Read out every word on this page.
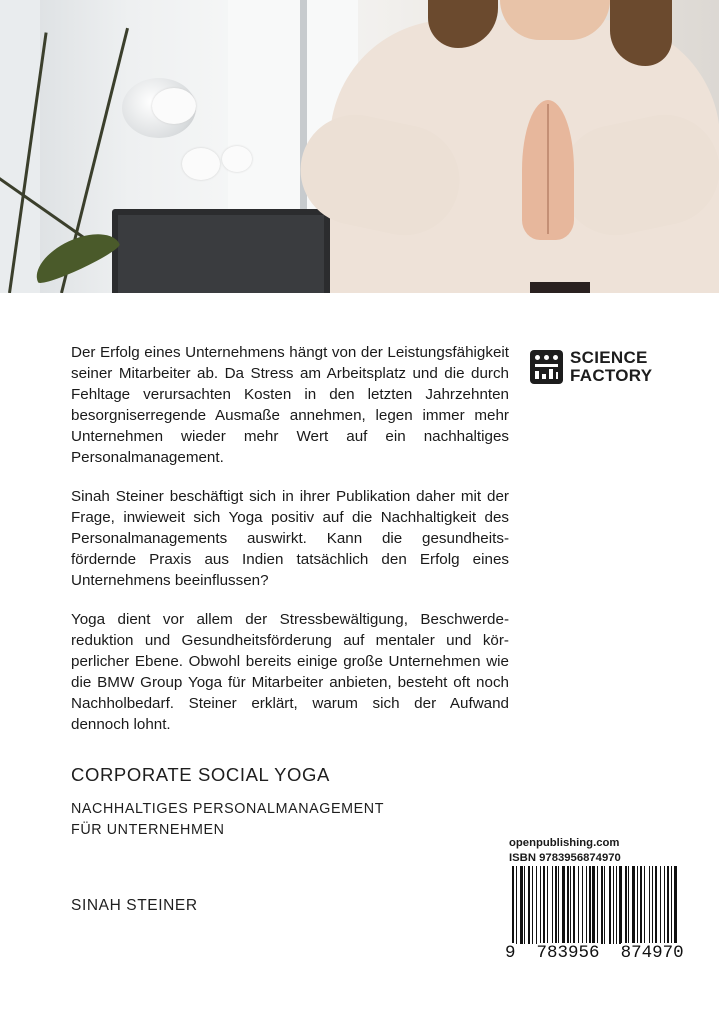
Der Erfolg eines Unternehmens hängt von der Leistungsfähigkeit seiner Mitarbeiter ab. Da Stress am Arbeitsplatz und die durch Fehltage verursachten Kosten in den letzten Jahrzehnten besorgniserregende Ausmaße annehmen, legen immer mehr Unternehmen wieder mehr Wert auf ein nachhaltiges Personalmanagement.

Sinah Steiner beschäftigt sich in ihrer Publikation daher mit der Frage, inwieweit sich Yoga positiv auf die Nachhaltigkeit des Personalmanagements auswirkt. Kann die gesundheits-fördernde Praxis aus Indien tatsächlich den Erfolg eines Unternehmens beeinflussen?

Yoga dient vor allem der Stressbewältigung, Beschwerde-reduktion und Gesundheitsförderung auf mentaler und kör-perlicher Ebene. Obwohl bereits einige große Unternehmen wie die BMW Group Yoga für Mitarbeiter anbieten, besteht oft noch Nachholbedarf. Steiner erklärt, warum sich der Aufwand dennoch lohnt.

SCIENCE
FACTORY
CORPORATE SOCIAL YOGA
NACHHALTIGES PERSONALMANAGEMENT
FÜR UNTERNEHMEN
SINAH STEINER
openpublishing.com
ISBN 9783956874970
9 783956 874970
